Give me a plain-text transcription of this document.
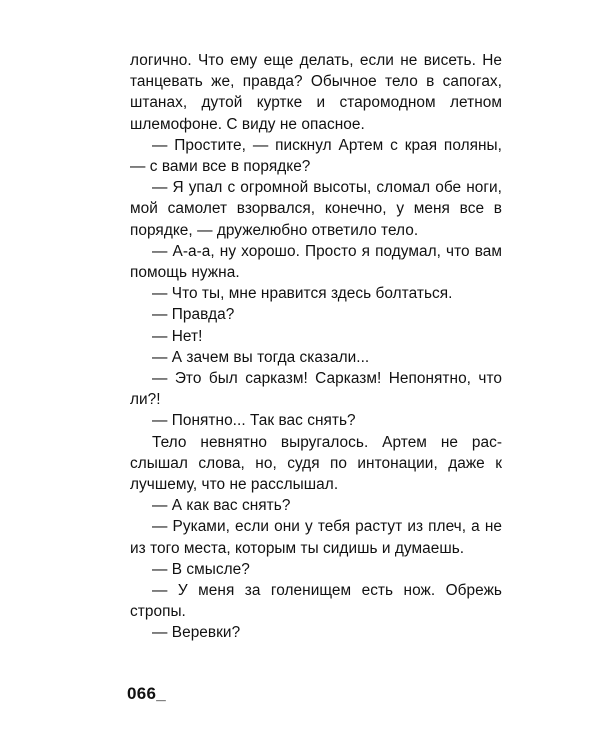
логично. Что ему еще делать, если не висеть. Не танцевать же, правда? Обычное тело в сапогах, штанах, дутой куртке и старомодном летном шлемофоне. С виду не опасное.

— Простите, — пискнул Артем с края поляны, — с вами все в порядке?

— Я упал с огромной высоты, сломал обе ноги, мой самолет взорвался, конечно, у меня все в порядке, — дружелюбно ответило тело.

— А-а-а, ну хорошо. Просто я подумал, что вам помощь нужна.

— Что ты, мне нравится здесь болтаться.

— Правда?

— Нет!

— А зачем вы тогда сказали...

— Это был сарказм! Сарказм! Непонятно, что ли?!

— Понятно... Так вас снять?

Тело невнятно выругалось. Артем не расслышал слова, но, судя по интонации, даже к лучшему, что не расслышал.

— А как вас снять?

— Руками, если они у тебя растут из плеч, а не из того места, которым ты сидишь и думаешь.

— В смысле?

— У меня за голенищем есть нож. Обрежь стропы.

— Веревки?

066_
